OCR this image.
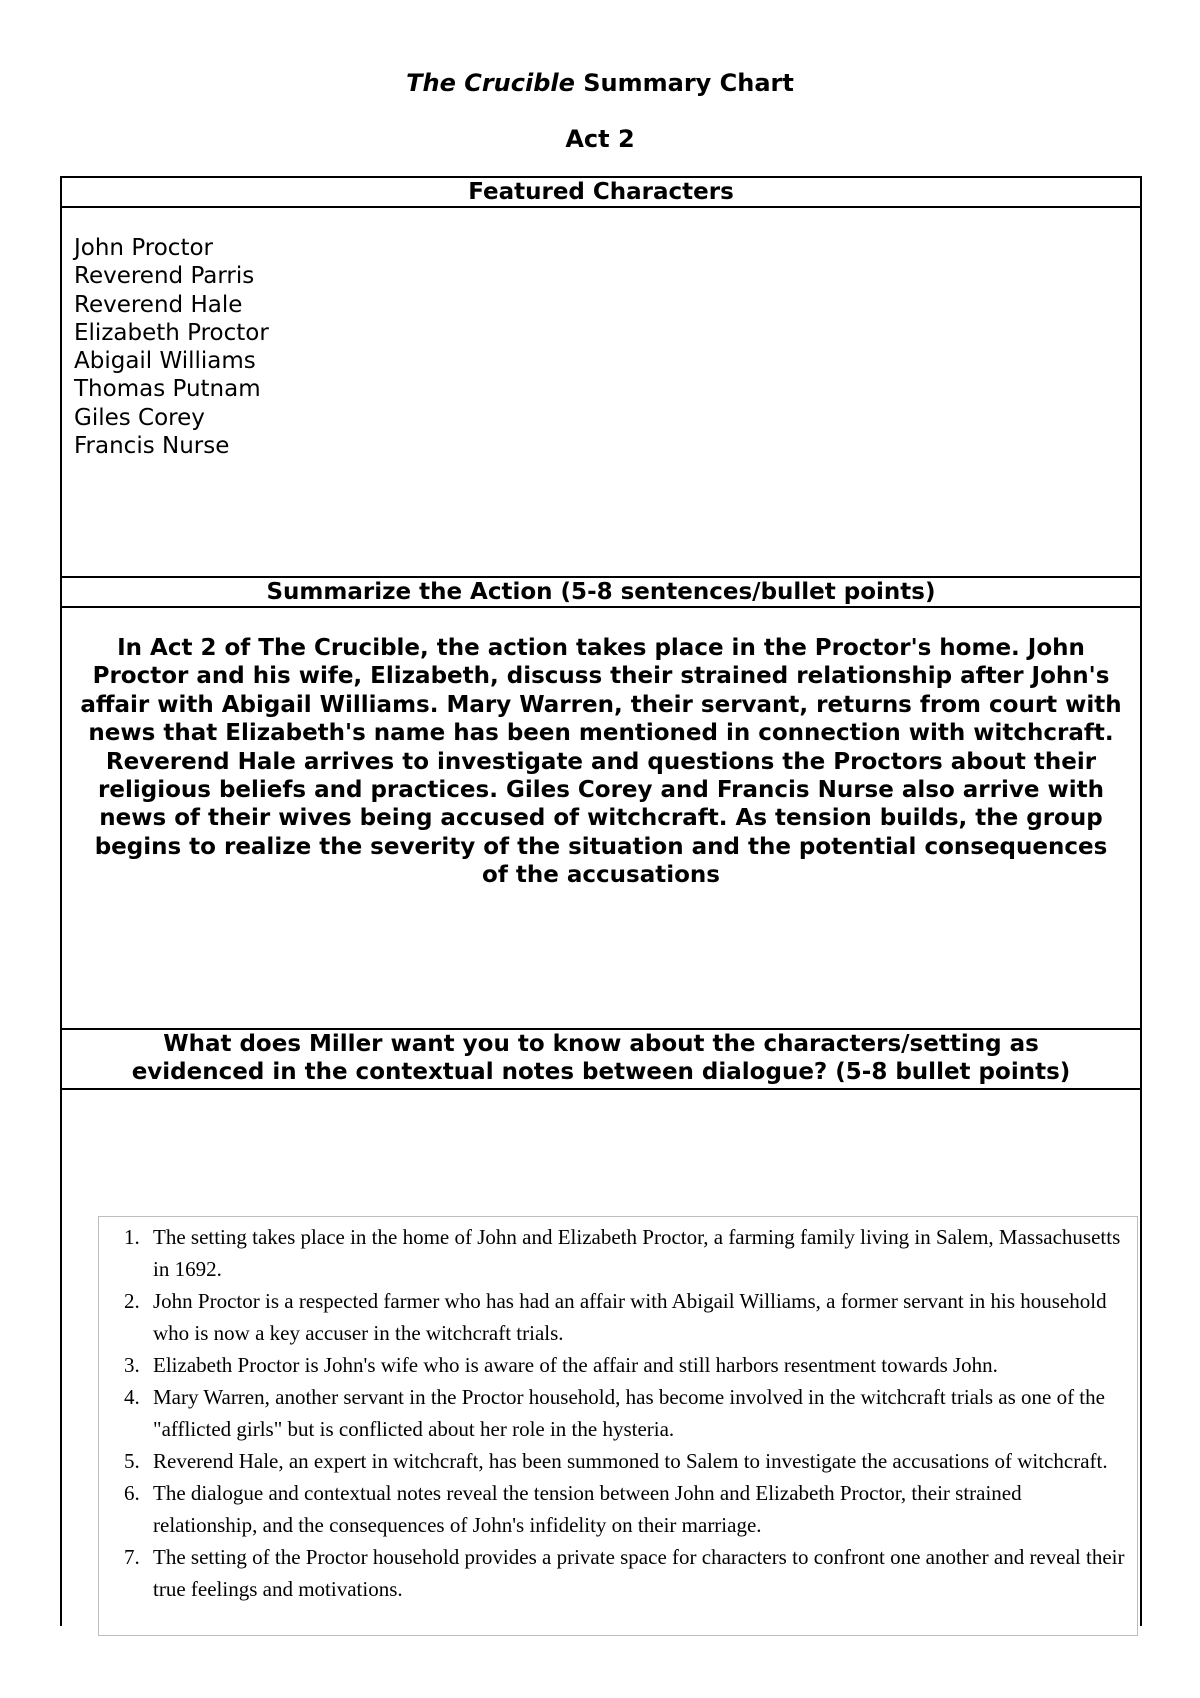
The Crucible Summary Chart
Act 2
Featured Characters
John Proctor
Reverend Parris
Reverend Hale
Elizabeth Proctor
Abigail Williams
Thomas Putnam
Giles Corey
Francis Nurse
Summarize the Action (5-8 sentences/bullet points)
In Act 2 of The Crucible, the action takes place in the Proctor's home. John Proctor and his wife, Elizabeth, discuss their strained relationship after John's affair with Abigail Williams. Mary Warren, their servant, returns from court with news that Elizabeth's name has been mentioned in connection with witchcraft. Reverend Hale arrives to investigate and questions the Proctors about their religious beliefs and practices. Giles Corey and Francis Nurse also arrive with news of their wives being accused of witchcraft. As tension builds, the group begins to realize the severity of the situation and the potential consequences of the accusations
What does Miller want you to know about the characters/setting as evidenced in the contextual notes between dialogue? (5-8 bullet points)
1. The setting takes place in the home of John and Elizabeth Proctor, a farming family living in Salem, Massachusetts in 1692.
2. John Proctor is a respected farmer who has had an affair with Abigail Williams, a former servant in his household who is now a key accuser in the witchcraft trials.
3. Elizabeth Proctor is John's wife who is aware of the affair and still harbors resentment towards John.
4. Mary Warren, another servant in the Proctor household, has become involved in the witchcraft trials as one of the "afflicted girls" but is conflicted about her role in the hysteria.
5. Reverend Hale, an expert in witchcraft, has been summoned to Salem to investigate the accusations of witchcraft.
6. The dialogue and contextual notes reveal the tension between John and Elizabeth Proctor, their strained relationship, and the consequences of John's infidelity on their marriage.
7. The setting of the Proctor household provides a private space for characters to confront one another and reveal their true feelings and motivations.
